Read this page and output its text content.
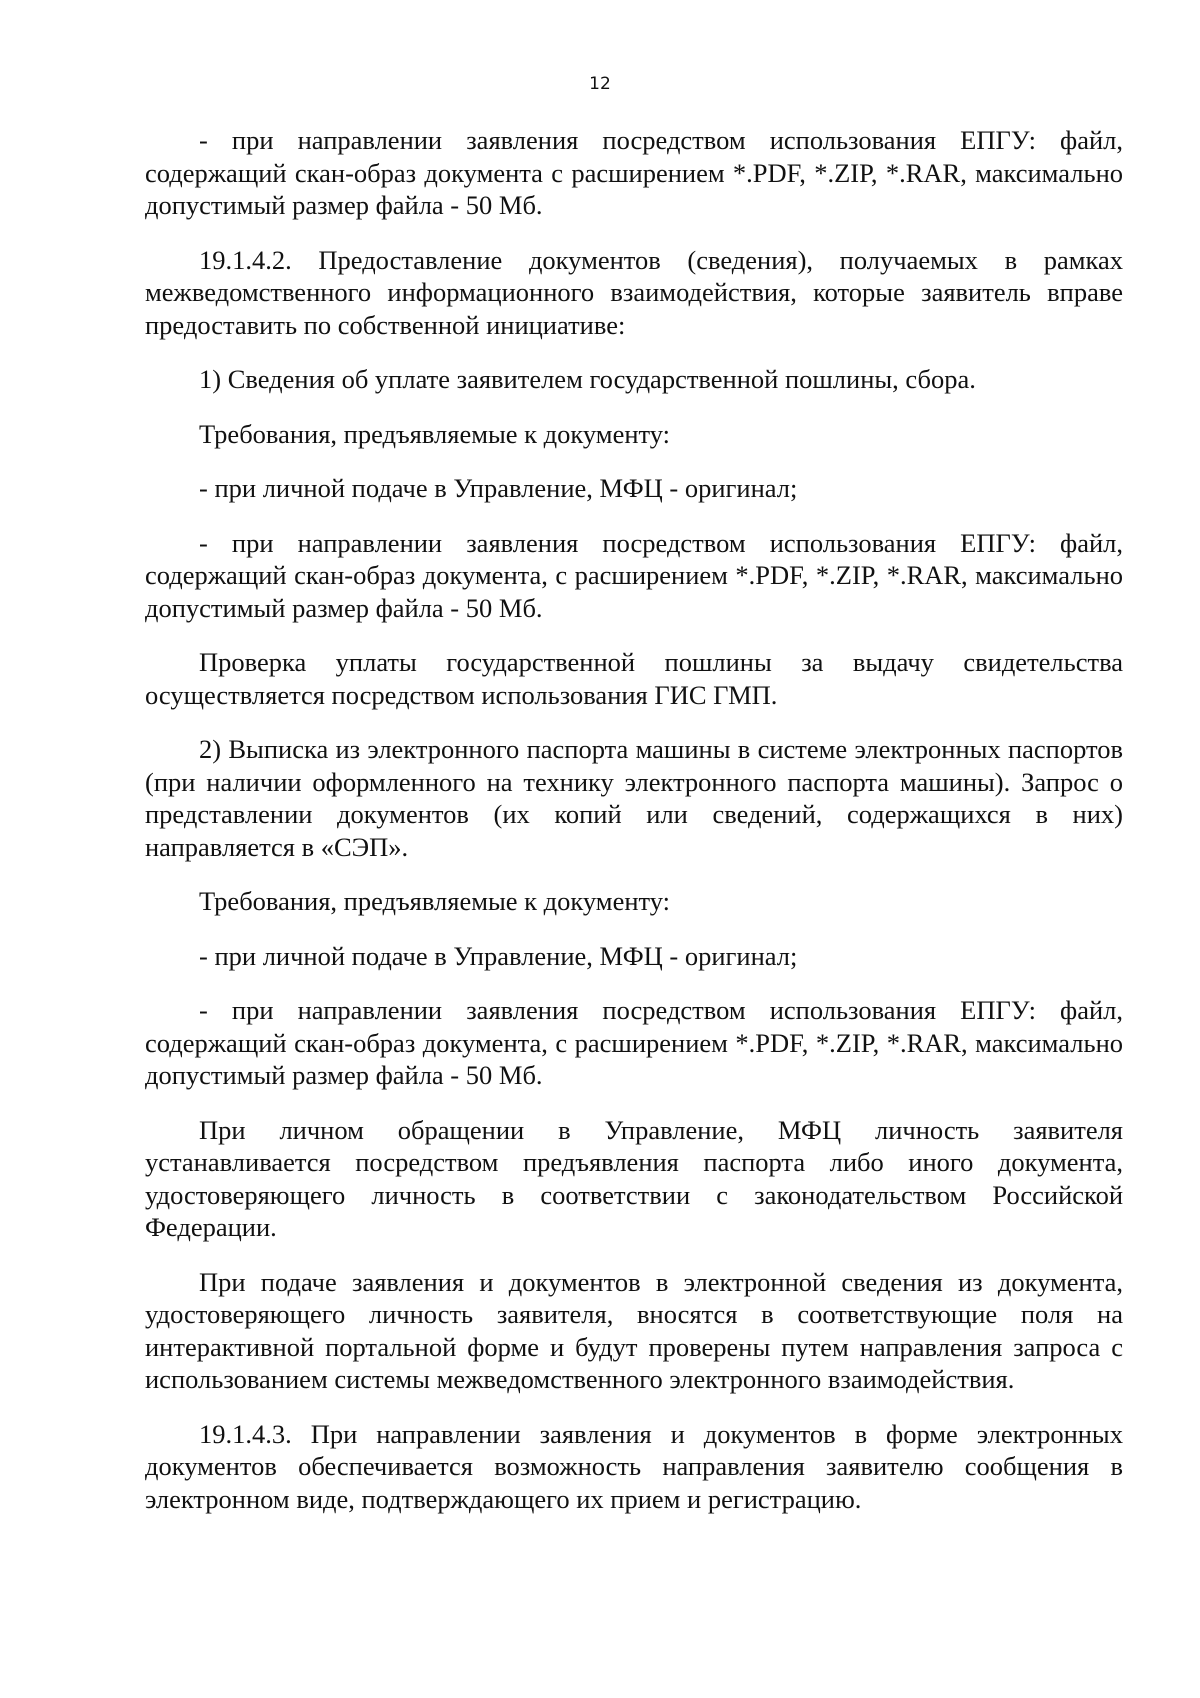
12

- при направлении заявления посредством использования ЕПГУ: файл, содержащий скан-образ документа с расширением *.PDF, *.ZIP, *.RAR, максимально допустимый размер файла - 50 Мб.

19.1.4.2. Предоставление документов (сведения), получаемых в рамках межведомственного информационного взаимодействия, которые заявитель вправе предоставить по собственной инициативе:

1) Сведения об уплате заявителем государственной пошлины, сбора.

Требования, предъявляемые к документу:

- при личной подаче в Управление, МФЦ - оригинал;

- при направлении заявления посредством использования ЕПГУ: файл, содержащий скан-образ документа, с расширением *.PDF, *.ZIP, *.RAR, максимально допустимый размер файла - 50 Мб.

Проверка уплаты государственной пошлины за выдачу свидетельства осуществляется посредством использования ГИС ГМП.

2) Выписка из электронного паспорта машины в системе электронных паспортов (при наличии оформленного на технику электронного паспорта машины). Запрос о представлении документов (их копий или сведений, содержащихся в них) направляется в «СЭП».

Требования, предъявляемые к документу:

- при личной подаче в Управление, МФЦ - оригинал;

- при направлении заявления посредством использования ЕПГУ: файл, содержащий скан-образ документа, с расширением *.PDF, *.ZIP, *.RAR, максимально допустимый размер файла - 50 Мб.

При личном обращении в Управление, МФЦ личность заявителя устанавливается посредством предъявления паспорта либо иного документа, удостоверяющего личность в соответствии с законодательством Российской Федерации.

При подаче заявления и документов в электронной сведения из документа, удостоверяющего личность заявителя, вносятся в соответствующие поля на интерактивной портальной форме и будут проверены путем направления запроса с использованием системы межведомственного электронного взаимодействия.

19.1.4.3. При направлении заявления и документов в форме электронных документов обеспечивается возможность направления заявителю сообщения в электронном виде, подтверждающего их прием и регистрацию.
